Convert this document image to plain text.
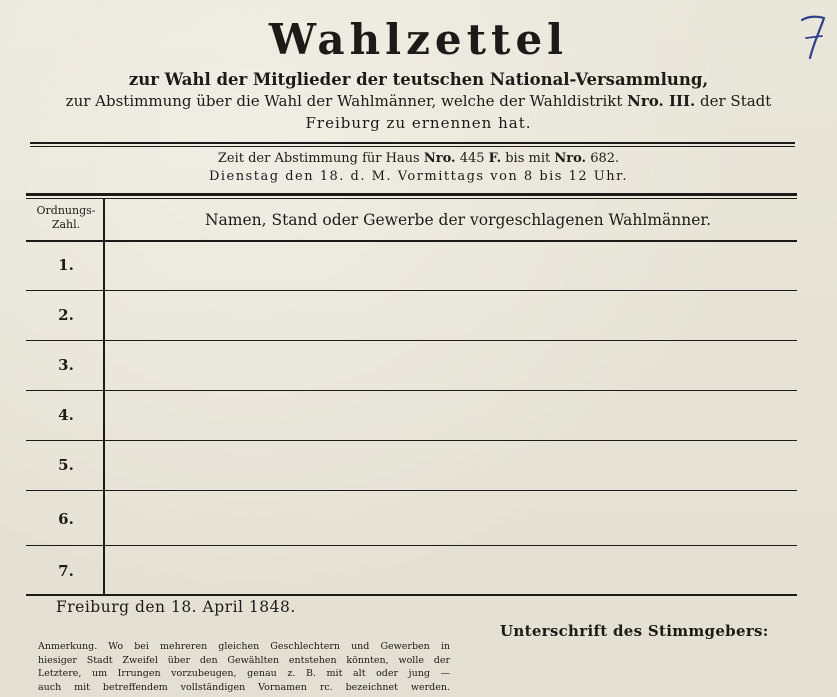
Wahlzettel
zur Wahl der Mitglieder der teutschen National-Versammlung,
zur Abstimmung über die Wahl der Wahlmänner, welche der Wahldistrikt Nro. III. der Stadt
Freiburg zu ernennen hat.
Zeit der Abstimmung für Haus Nro. 445 F. bis mit Nro. 682.
Dienstag den 18. d. M. Vormittags von 8 bis 12 Uhr.
Ordnungs-
Zahl.	Namen, Stand oder Gewerbe der vorgeschlagenen Wahlmänner.
1.
2.
3.
4.
5.
6.
7.
Freiburg den 18. April 1848.
Unterschrift des Stimmgebers:
Anmerkung. Wo bei mehreren gleichen Geschlechtern und Gewerben in
hiesiger Stadt Zweifel über den Gewählten entstehen könnten, wolle der
Letztere, um Irrungen vorzubeugen, genau z. B. mit alt oder jung —
auch mit betreffendem vollständigen Vornamen rc. bezeichnet werden.
